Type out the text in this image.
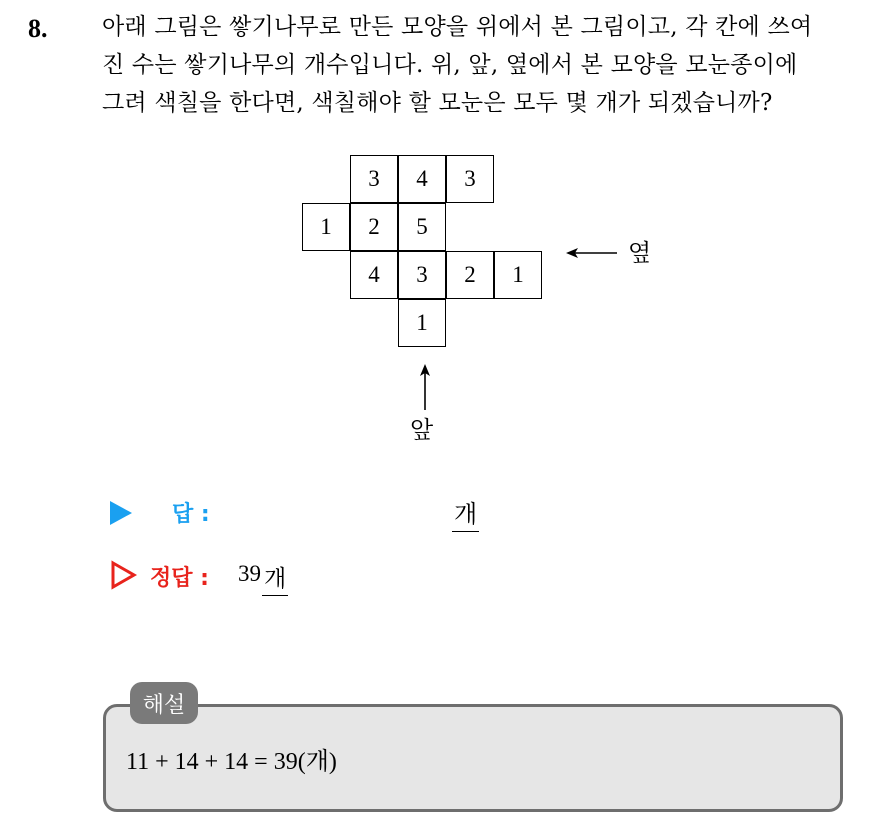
8. 아래 그림은 쌓기나무로 만든 모양을 위에서 본 그림이고, 각 칸에 쓰여
진 수는 쌓기나무의 개수입니다. 위, 앞, 옆에서 본 모양을 모눈종이에
그려 색칠을 한다면, 색칠해야 할 모눈은 모두 몇 개가 되겠습니까?
3	4	3
1	2	5
4	3	2	1
1
옆
앞
답 :	개
정답 : 39 개
해설
11 + 14 + 14 = 39(개)
